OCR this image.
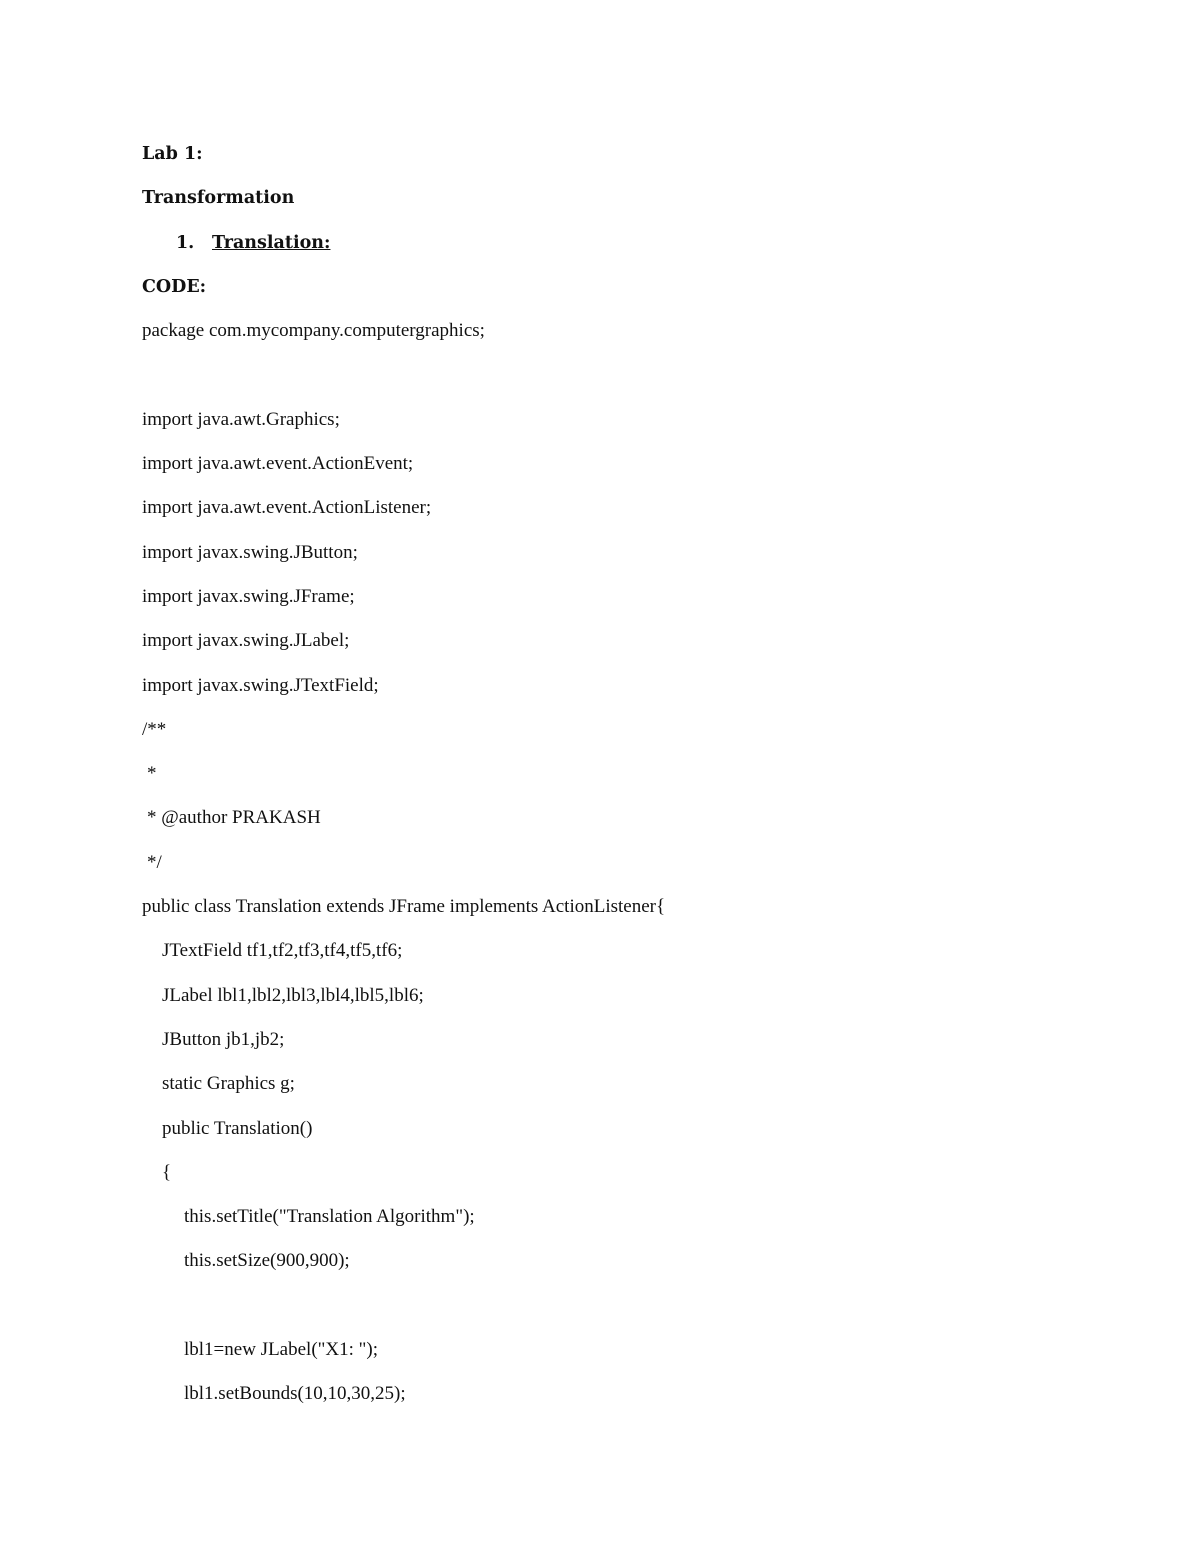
Lab 1:
Transformation
1. Translation:
CODE:
package com.mycompany.computergraphics;
import java.awt.Graphics;
import java.awt.event.ActionEvent;
import java.awt.event.ActionListener;
import javax.swing.JButton;
import javax.swing.JFrame;
import javax.swing.JLabel;
import javax.swing.JTextField;
/**
*
* @author PRAKASH
*/
public class Translation extends JFrame implements ActionListener{
JTextField tf1,tf2,tf3,tf4,tf5,tf6;
JLabel lbl1,lbl2,lbl3,lbl4,lbl5,lbl6;
JButton jb1,jb2;
static Graphics g;
public Translation()
{
this.setTitle("Translation Algorithm");
this.setSize(900,900);
lbl1=new JLabel("X1: ");
lbl1.setBounds(10,10,30,25);
